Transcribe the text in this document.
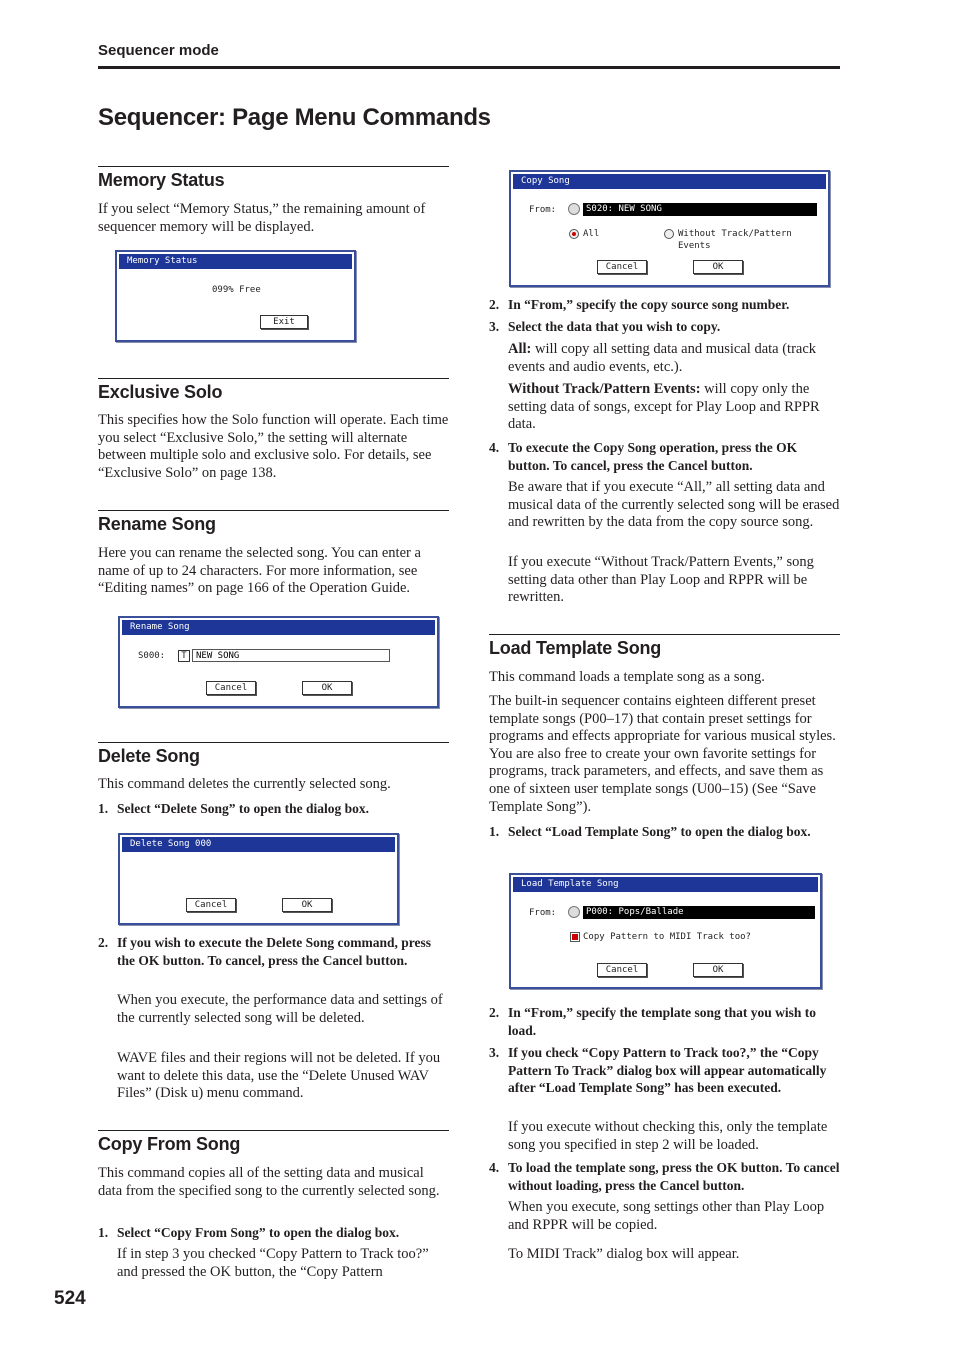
Sequencer mode
Sequencer: Page Menu Commands
Memory Status
If you select “Memory Status,” the remaining amount of sequencer memory will be displayed.
Memory Status
099% Free
Exit
Exclusive Solo
This specifies how the Solo function will operate. Each time you select “Exclusive Solo,” the setting will alternate between multiple solo and exclusive solo. For details, see “Exclusive Solo” on page 138.
Rename Song
Here you can rename the selected song. You can enter a name of up to 24 characters. For more information, see “Editing names” on page 166 of the Operation Guide.
Rename Song
S000:	T	NEW SONG
Cancel	OK
Delete Song
This command deletes the currently selected song.
1. Select “Delete Song” to open the dialog box.
Delete Song 000
Cancel	OK
2. If you wish to execute the Delete Song command, press the OK button. To cancel, press the Cancel button.
When you execute, the performance data and settings of the currently selected song will be deleted.
WAVE files and their regions will not be deleted. If you want to delete this data, use the “Delete Unused WAV Files” (Disk u) menu command.
Copy From Song
This command copies all of the setting data and musical data from the specified song to the currently selected song.
1. Select “Copy From Song” to open the dialog box.
If in step 3 you checked “Copy Pattern to Track too?” and pressed the OK button, the “Copy Pattern
524
Copy Song
From:	S020: NEW SONG
All	Without Track/Pattern Events
Cancel	OK
2. In “From,” specify the copy source song number.
3. Select the data that you wish to copy.
All: will copy all setting data and musical data (track events and audio events, etc.).
Without Track/Pattern Events: will copy only the setting data of songs, except for Play Loop and RPPR data.
4. To execute the Copy Song operation, press the OK button. To cancel, press the Cancel button.
Be aware that if you execute “All,” all setting data and musical data of the currently selected song will be erased and rewritten by the data from the copy source song.
If you execute “Without Track/Pattern Events,” song setting data other than Play Loop and RPPR will be rewritten.
Load Template Song
This command loads a template song as a song.
The built-in sequencer contains eighteen different preset template songs (P00–17) that contain preset settings for programs and effects appropriate for various musical styles. You are also free to create your own favorite settings for programs, track parameters, and effects, and save them as one of sixteen user template songs (U00–15) (See “Save Template Song”).
1. Select “Load Template Song” to open the dialog box.
Load Template Song
From:	P000: Pops/Ballade
Copy Pattern to MIDI Track too?
Cancel	OK
2. In “From,” specify the template song that you wish to load.
3. If you check “Copy Pattern to Track too?,” the “Copy Pattern To Track” dialog box will appear automatically after “Load Template Song” has been executed.
If you execute without checking this, only the template song you specified in step 2 will be loaded.
4. To load the template song, press the OK button. To cancel without loading, press the Cancel button.
When you execute, song settings other than Play Loop and RPPR will be copied.
To MIDI Track” dialog box will appear.
